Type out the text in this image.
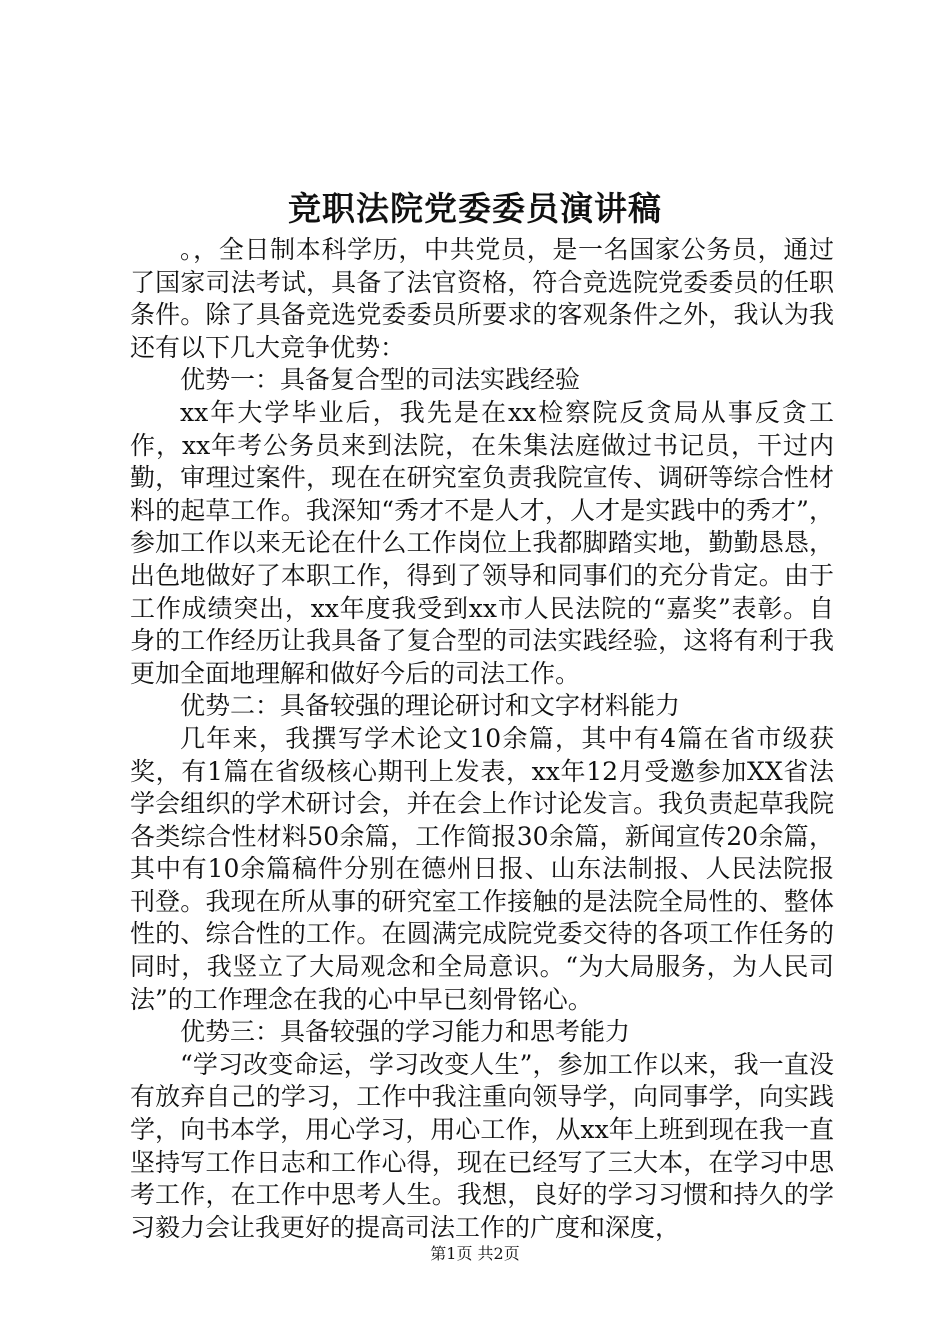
竞职法院党委委员演讲稿

。，全日制本科学历，中共党员，是一名国家公务员，通过了国家司法考试，具备了法官资格，符合竞选院党委委员的任职条件。除了具备竞选党委委员所要求的客观条件之外，我认为我还有以下几大竞争优势：

优势一：具备复合型的司法实践经验

xx年大学毕业后，我先是在xx检察院反贪局从事反贪工作，xx年考公务员来到法院，在朱集法庭做过书记员，干过内勤，审理过案件，现在在研究室负责我院宣传、调研等综合性材料的起草工作。我深知“秀才不是人才，人才是实践中的秀才”，参加工作以来无论在什么工作岗位上我都脚踏实地，勤勤恳恳，出色地做好了本职工作，得到了领导和同事们的充分肯定。由于工作成绩突出，xx年度我受到xx市人民法院的“嘉奖”表彰。自身的工作经历让我具备了复合型的司法实践经验，这将有利于我更加全面地理解和做好今后的司法工作。

优势二：具备较强的理论研讨和文字材料能力

几年来，我撰写学术论文10余篇，其中有4篇在省市级获奖，有1篇在省级核心期刊上发表，xx年12月受邀参加XX省法学会组织的学术研讨会，并在会上作讨论发言。我负责起草我院各类综合性材料50余篇，工作简报30余篇，新闻宣传20余篇，其中有10余篇稿件分别在德州日报、山东法制报、人民法院报刊登。我现在所从事的研究室工作接触的是法院全局性的、整体性的、综合性的工作。在圆满完成院党委交待的各项工作任务的同时，我竖立了大局观念和全局意识。“为大局服务，为人民司法”的工作理念在我的心中早已刻骨铭心。

优势三：具备较强的学习能力和思考能力

“学习改变命运，学习改变人生”，参加工作以来，我一直没有放弃自己的学习，工作中我注重向领导学，向同事学，向实践学，向书本学，用心学习，用心工作，从xx年上班到现在我一直坚持写工作日志和工作心得，现在已经写了三大本，在学习中思考工作，在工作中思考人生。我想，良好的学习习惯和持久的学习毅力会让我更好的提高司法工作的广度和深度，

第1页 共2页
